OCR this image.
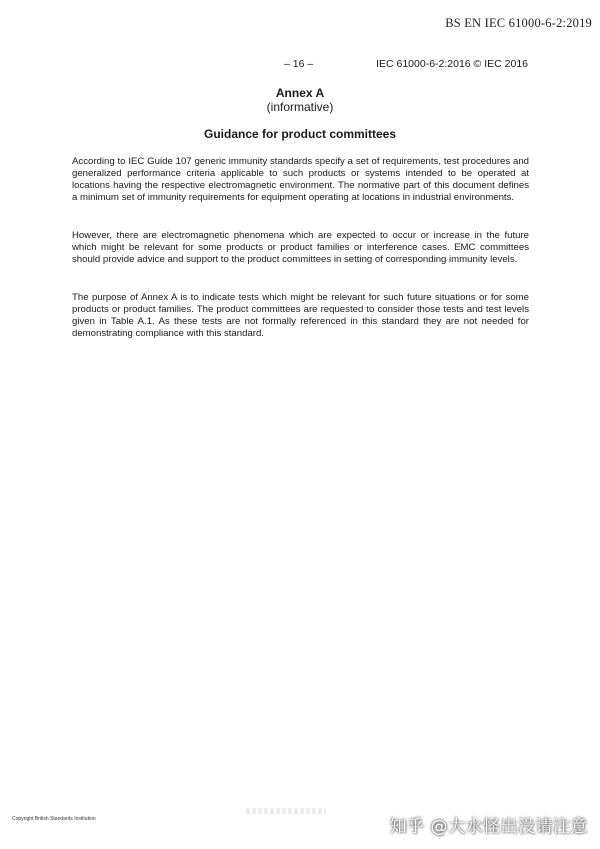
BS EN IEC 61000-6-2:2019
– 16 –	IEC 61000-6-2:2016 © IEC 2016
Annex A
(informative)
Guidance for product committees

According to IEC Guide 107 generic immunity standards specify a set of requirements, test procedures and generalized performance criteria applicable to such products or systems intended to be operated at locations having the respective electromagnetic environment. The normative part of this document defines a minimum set of immunity requirements for equipment operating at locations in industrial environments.

However, there are electromagnetic phenomena which are expected to occur or increase in the future which might be relevant for some products or product families or interference cases. EMC committees should provide advice and support to the product committees in setting of corresponding immunity levels.

The purpose of Annex A is to indicate tests which might be relevant for such future situations or for some products or product families. The product committees are requested to consider those tests and test levels given in Table A.1. As these tests are not formally referenced in this standard they are not needed for demonstrating compliance with this standard.

Copyright British Standards Institution	知乎 @大水怪出没请注意
